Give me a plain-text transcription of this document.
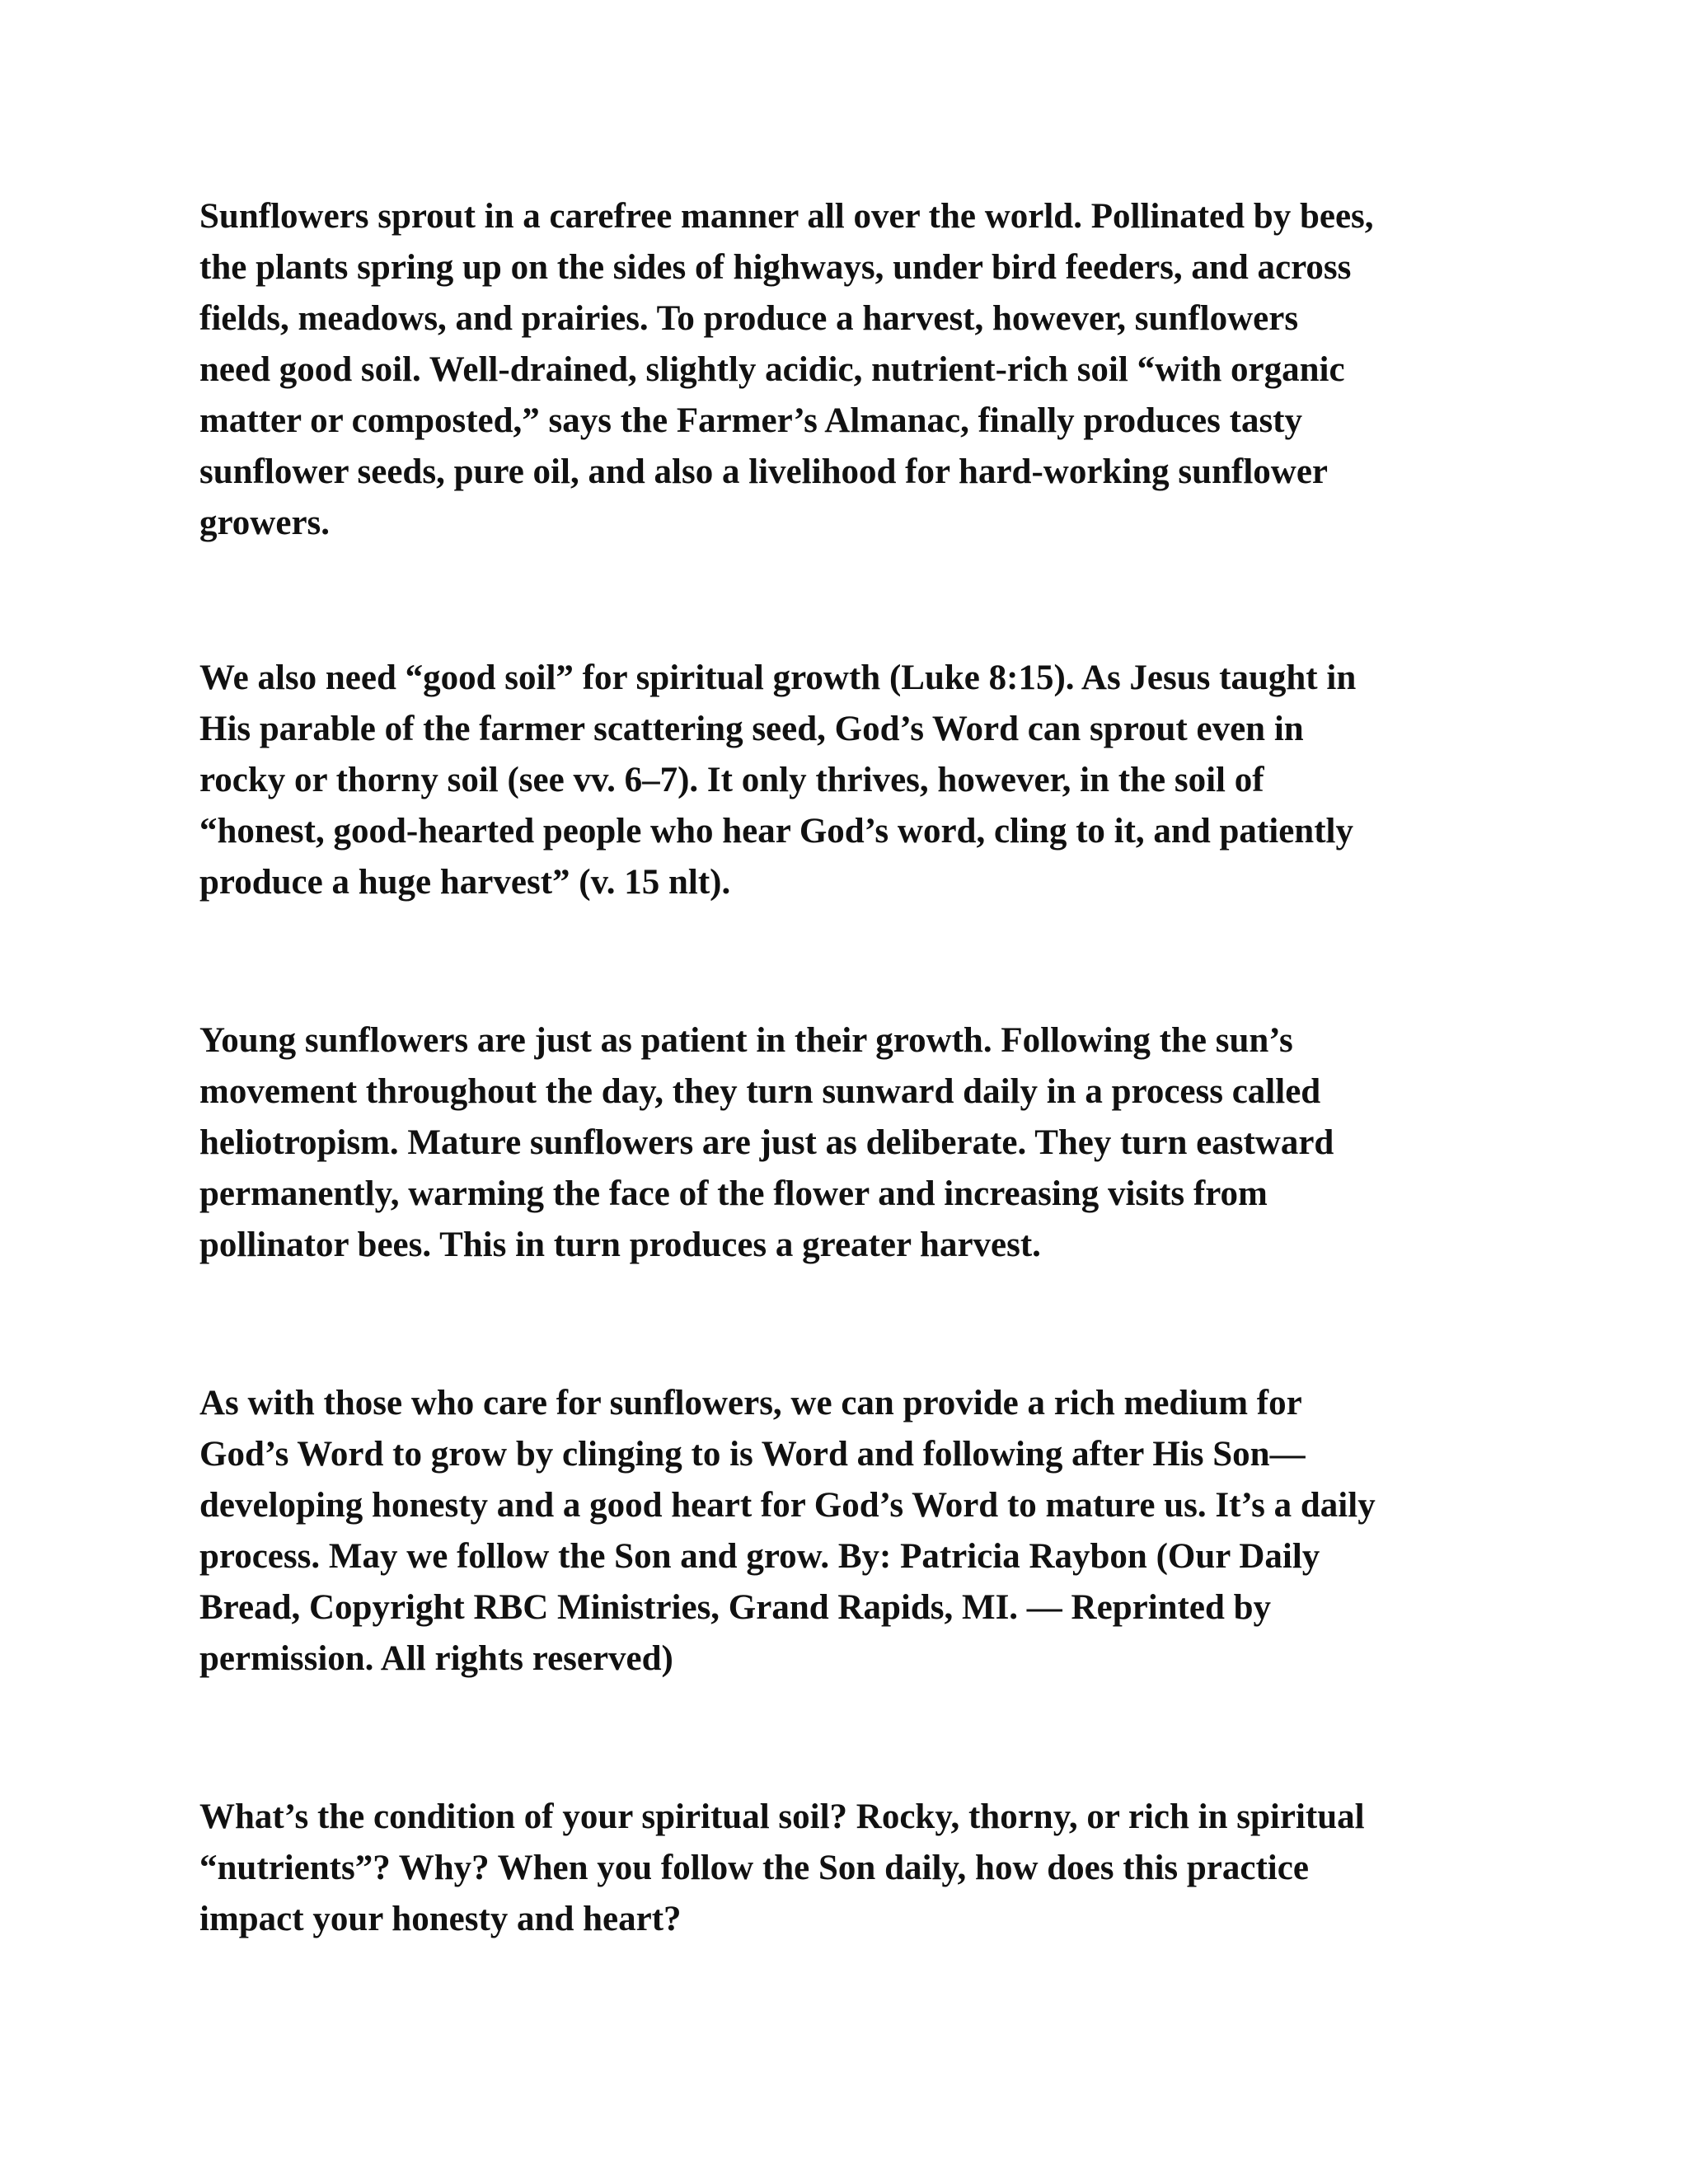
Sunflowers sprout in a carefree manner all over the world. Pollinated by bees,
the plants spring up on the sides of highways, under bird feeders, and across
fields, meadows, and prairies. To produce a harvest, however, sunflowers
need good soil. Well-drained, slightly acidic, nutrient-rich soil “with organic
matter or composted,” says the Farmer’s Almanac, finally produces tasty
sunflower seeds, pure oil, and also a livelihood for hard-working sunflower
growers.

We also need “good soil” for spiritual growth (Luke 8:15). As Jesus taught in
His parable of the farmer scattering seed, God’s Word can sprout even in
rocky or thorny soil (see vv. 6–7). It only thrives, however, in the soil of
“honest, good-hearted people who hear God’s word, cling to it, and patiently
produce a huge harvest” (v. 15 nlt).

Young sunflowers are just as patient in their growth. Following the sun’s
movement throughout the day, they turn sunward daily in a process called
heliotropism. Mature sunflowers are just as deliberate. They turn eastward
permanently, warming the face of the flower and increasing visits from
pollinator bees. This in turn produces a greater harvest.

As with those who care for sunflowers, we can provide a rich medium for
God’s Word to grow by clinging to is Word and following after His Son—
developing honesty and a good heart for God’s Word to mature us. It’s a daily
process. May we follow the Son and grow. By: Patricia Raybon (Our Daily
Bread, Copyright RBC Ministries, Grand Rapids, MI. — Reprinted by
permission. All rights reserved)

What’s the condition of your spiritual soil? Rocky, thorny, or rich in spiritual
“nutrients”? Why? When you follow the Son daily, how does this practice
impact your honesty and heart?
